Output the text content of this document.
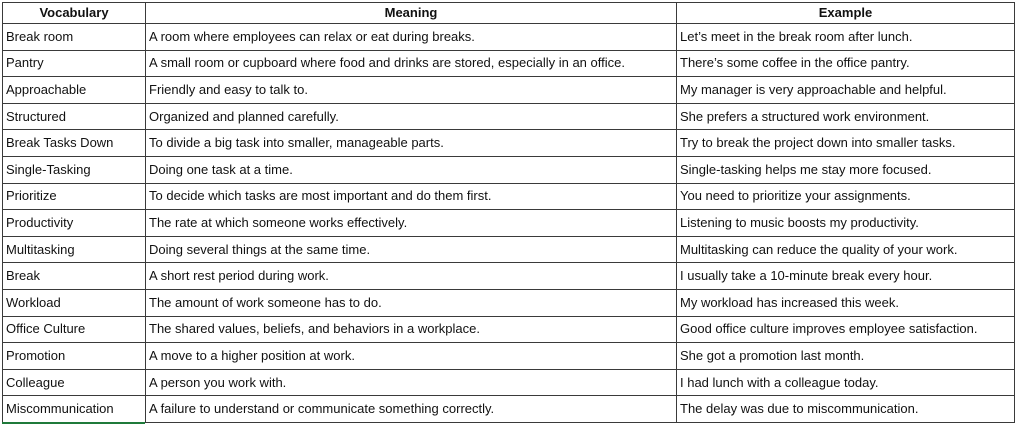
Vocabulary	Meaning	Example
Break room	A room where employees can relax or eat during breaks.	Let’s meet in the break room after lunch.
Pantry	A small room or cupboard where food and drinks are stored, especially in an office.	There’s some coffee in the office pantry.
Approachable	Friendly and easy to talk to.	My manager is very approachable and helpful.
Structured	Organized and planned carefully.	She prefers a structured work environment.
Break Tasks Down	To divide a big task into smaller, manageable parts.	Try to break the project down into smaller tasks.
Single-Tasking	Doing one task at a time.	Single-tasking helps me stay more focused.
Prioritize	To decide which tasks are most important and do them first.	You need to prioritize your assignments.
Productivity	The rate at which someone works effectively.	Listening to music boosts my productivity.
Multitasking	Doing several things at the same time.	Multitasking can reduce the quality of your work.
Break	A short rest period during work.	I usually take a 10-minute break every hour.
Workload	The amount of work someone has to do.	My workload has increased this week.
Office Culture	The shared values, beliefs, and behaviors in a workplace.	Good office culture improves employee satisfaction.
Promotion	A move to a higher position at work.	She got a promotion last month.
Colleague	A person you work with.	I had lunch with a colleague today.
Miscommunication	A failure to understand or communicate something correctly.	The delay was due to miscommunication.
